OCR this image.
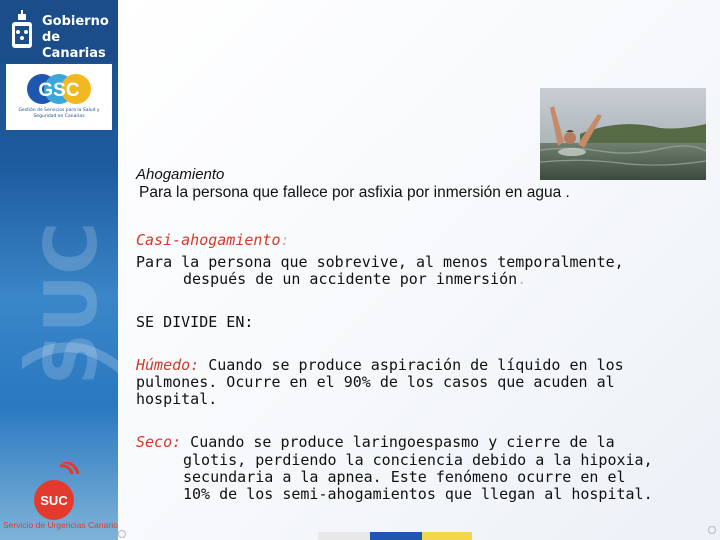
Gobierno
de Canarias
GSC
Gestión de Servicios para la Salud y Seguridad en Canarias
SUC
SUC
Servicio de Urgencias Canario
Ahogamiento
Para la persona que fallece por asfixia por inmersión en agua .
Casi-ahogamiento:
Para la persona que sobrevive, al menos temporalmente,
después de un accidente por inmersión.
SE DIVIDE EN:
Húmedo: Cuando se produce aspiración de líquido en los
pulmones. Ocurre en el 90% de los casos que acuden al
hospital.
Seco: Cuando se produce laringoespasmo y cierre de la
glotis, perdiendo la conciencia debido a la hipoxia,
secundaria a la apnea. Este fenómeno ocurre en el
10% de los semi-ahogamientos que llegan al hospital.
